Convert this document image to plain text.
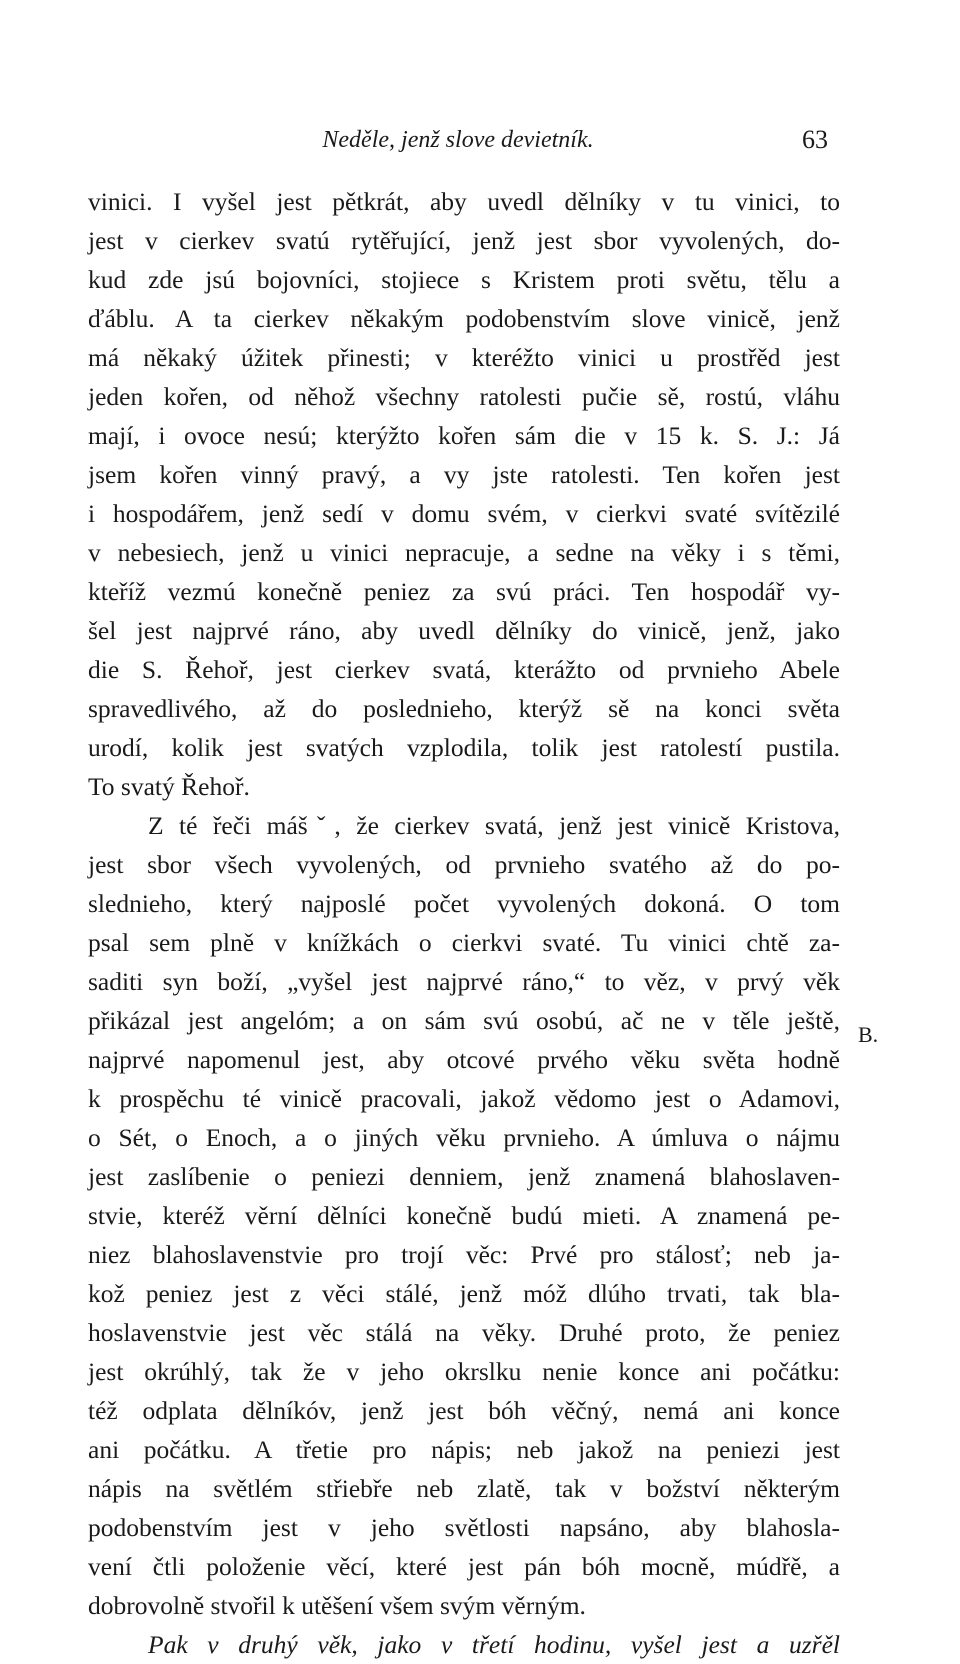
Neděle, jenž slove devietník.	63
vinici. I vyšel jest pětkrát, aby uvedl dělníky v tu vinici, to
jest v cierkev svatú rytěřující, jenž jest sbor vyvolených, do-
kud zde jsú bojovníci, stojiece s Kristem proti světu, tělu a
ďáblu. A ta cierkev někakým podobenstvím slove vinicě, jenž
má někaký úžitek přinesti; v kteréžto vinici u prostřěd jest
jeden kořen, od něhož všechny ratolesti pučie sě, rostú, vláhu
mají, i ovoce nesú; kterýžto kořen sám die v 15 k. S. J.: Já
jsem kořen vinný pravý, a vy jste ratolesti. Ten kořen jest
i hospodářem, jenž sedí v domu svém, v cierkvi svaté svítězilé
v nebesiech, jenž u vinici nepracuje, a sedne na věky i s těmi,
kteříž vezmú konečně peniez za svú práci. Ten hospodář vy-
šel jest najprvé ráno, aby uvedl dělníky do vinicě, jenž, jako
die S. Řehoř, jest cierkev svatá, kterážto od prvnieho Abele
spravedlivého, až do poslednieho, kterýž sě na konci světa
urodí, kolik jest svatých vzplodila, tolik jest ratolestí pustila.
To svatý Řehoř.
Z té řeči mášˇ, že cierkev svatá, jenž jest vinicě Kristova,
jest sbor všech vyvolených, od prvnieho svatého až do po-
slednieho, který najposlé počet vyvolených dokoná. O tom
psal sem plně v knížkách o cierkvi svaté. Tu vinici chtě za-
saditi syn boží, „vyšel jest najprvé ráno,“ to věz, v prvý věk
přikázal jest angelóm; a on sám svú osobú, ač ne v těle ještě,
najprvé napomenul jest, aby otcové prvého věku světa hodně
k prospěchu té vinicě pracovali, jakož vědomo jest o Adamovi,
o Sét, o Enoch, a o jiných věku prvnieho. A úmluva o nájmu
jest zaslíbenie o peniezi denniem, jenž znamená blahoslaven-
stvie, kteréž věrní dělníci konečně budú mieti. A znamená pe-
niez blahoslavenstvie pro trojí věc: Prvé pro stálosť; neb ja-
kož peniez jest z věci stálé, jenž móž dlúho trvati, tak bla-
hoslavenstvie jest věc stálá na věky. Druhé proto, že peniez
jest okrúhlý, tak že v jeho okrslku nenie konce ani počátku:
též odplata dělníkóv, jenž jest bóh věčný, nemá ani konce
ani počátku. A třetie pro nápis; neb jakož na peniezi jest
nápis na světlém střiebře neb zlatě, tak v božství některým
podobenstvím jest v jeho světlosti napsáno, aby blahosla-
vení čtli položenie věcí, které jest pán bóh mocně, múdřě, a
dobrovolně stvořil k utěšení všem svým věrným.
Pak v druhý věk, jako v třetí hodinu, vyšel jest a uzřěl
B.
